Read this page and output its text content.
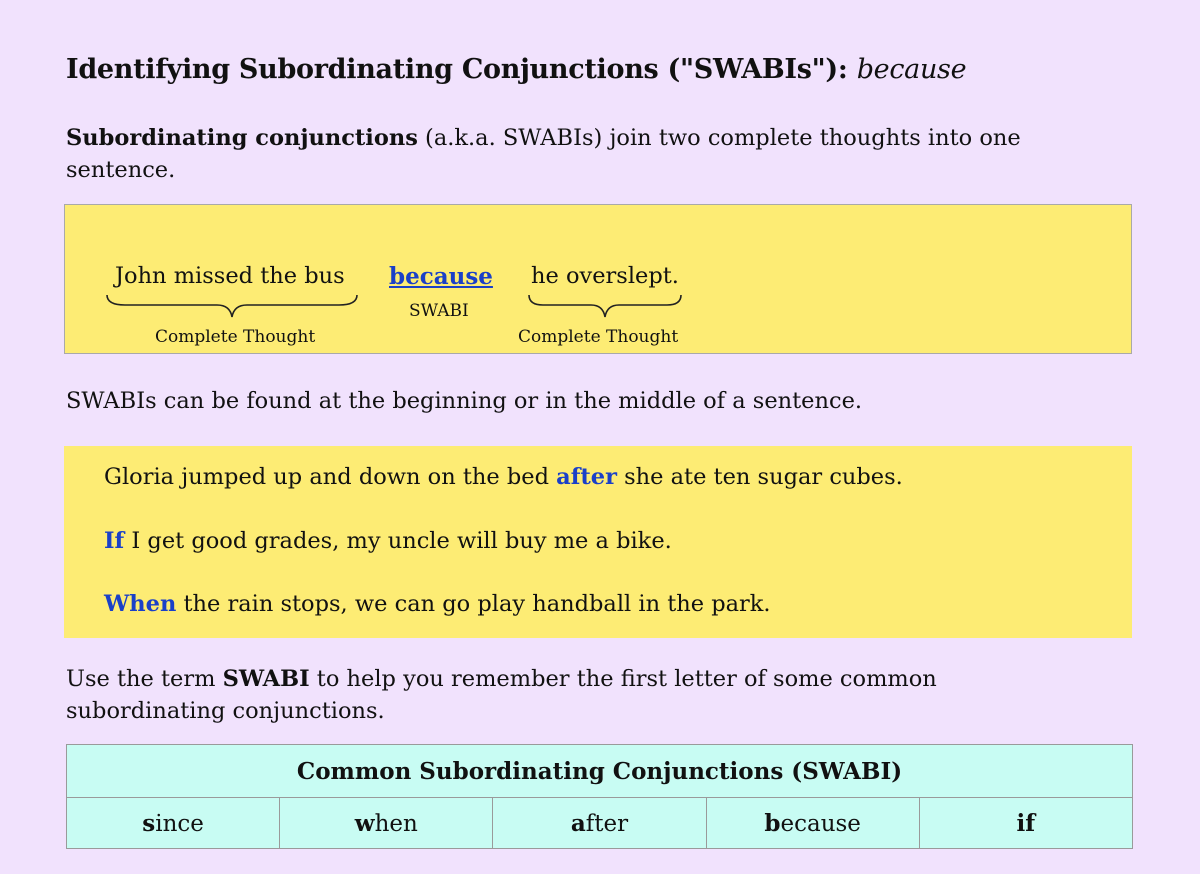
Identifying Subordinating Conjunctions ("SWABIs"): because
Subordinating conjunctions (a.k.a. SWABIs) join two complete thoughts into one sentence.
John missed the bus because he overslept.
Complete Thought
SWABI
Complete Thought
SWABIs can be found at the beginning or in the middle of a sentence.
Gloria jumped up and down on the bed after she ate ten sugar cubes.
If I get good grades, my uncle will buy me a bike.
When the rain stops, we can go play handball in the park.
Use the term SWABI to help you remember the first letter of some common subordinating conjunctions.
Common Subordinating Conjunctions (SWABI)
since	when	after	because	if
